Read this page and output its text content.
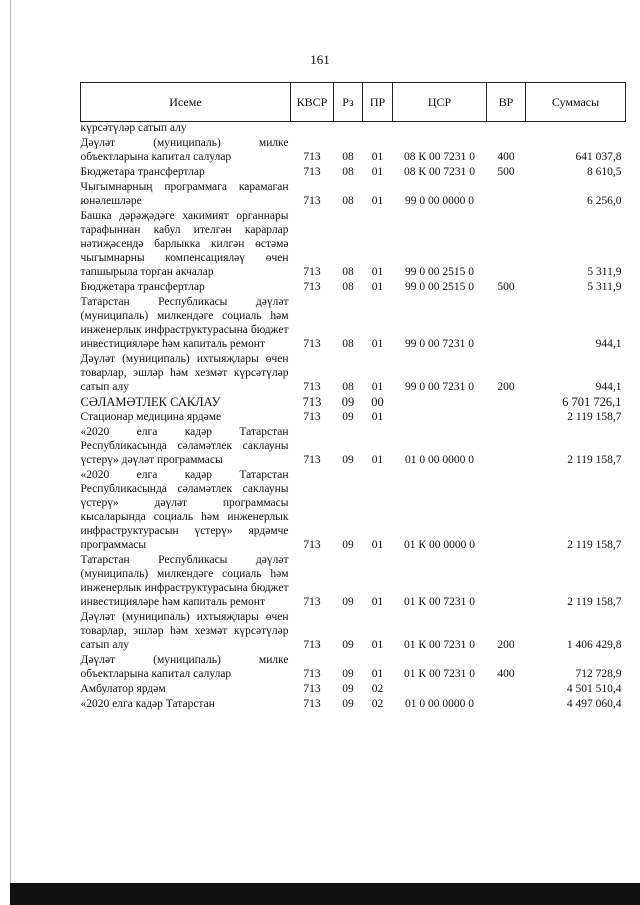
161
Исеме	КВСР	Рз	ПР	ЦСР	ВР	Суммасы
күрсәтүләр сатып алу						
Дәүләт (муниципаль) милке объектларына капитал салулар	713	08	01	08 К 00 7231 0	400	641 037,8
Бюджетара трансфертлар	713	08	01	08 К 00 7231 0	500	8 610,5
Чыгымнарның программага карамаган юнәлешләре	713	08	01	99 0 00 0000 0		6 256,0
Башка дәрәҗәдәге хакимият органнары тарафыннан кабул ителгән карарлар нәтиҗәсендә барлыкка килгән өстәмә чыгымнарны компенсацияләү өчен тапшырыла торган акчалар	713	08	01	99 0 00 2515 0		5 311,9
Бюджетара трансфертлар	713	08	01	99 0 00 2515 0	500	5 311,9
Татарстан Республикасы дәүләт (муниципаль) милкендәге социаль һәм инженерлык инфраструктурасына бюджет инвестицияләре һәм капиталь ремонт	713	08	01	99 0 00 7231 0		944,1
Дәүләт (муниципаль) ихтыяҗлары өчен товарлар, эшләр һәм хезмәт күрсәтүләр сатып алу	713	08	01	99 0 00 7231 0	200	944,1
СӘЛАМӘТЛЕК САКЛАУ	713	09	00			6 701 726,1
Стационар медицина ярдәме	713	09	01			2 119 158,7
«2020 елга кадәр Татарстан Республикасында сәламәтлек саклауны үстерү» дәүләт программасы	713	09	01	01 0 00 0000 0		2 119 158,7
«2020 елга кадәр Татарстан Республикасында сәламәтлек саклауны үстерү» дәүләт программасы кысаларында социаль һәм инженерлык инфраструктурасын үстерү» ярдәмче программасы	713	09	01	01 К 00 0000 0		2 119 158,7
Татарстан Республикасы дәүләт (муниципаль) милкендәге социаль һәм инженерлык инфраструктурасына бюджет инвестицияләре һәм капиталь ремонт	713	09	01	01 К 00 7231 0		2 119 158,7
Дәүләт (муниципаль) ихтыяҗлары өчен товарлар, эшләр һәм хезмәт күрсәтүләр сатып алу	713	09	01	01 К 00 7231 0	200	1 406 429,8
Дәүләт (муниципаль) милке объектларына капитал салулар	713	09	01	01 К 00 7231 0	400	712 728,9
Амбулатор ярдәм	713	09	02			4 501 510,4
«2020 елга кадәр Татарстан	713	09	02	01 0 00 0000 0		4 497 060,4
